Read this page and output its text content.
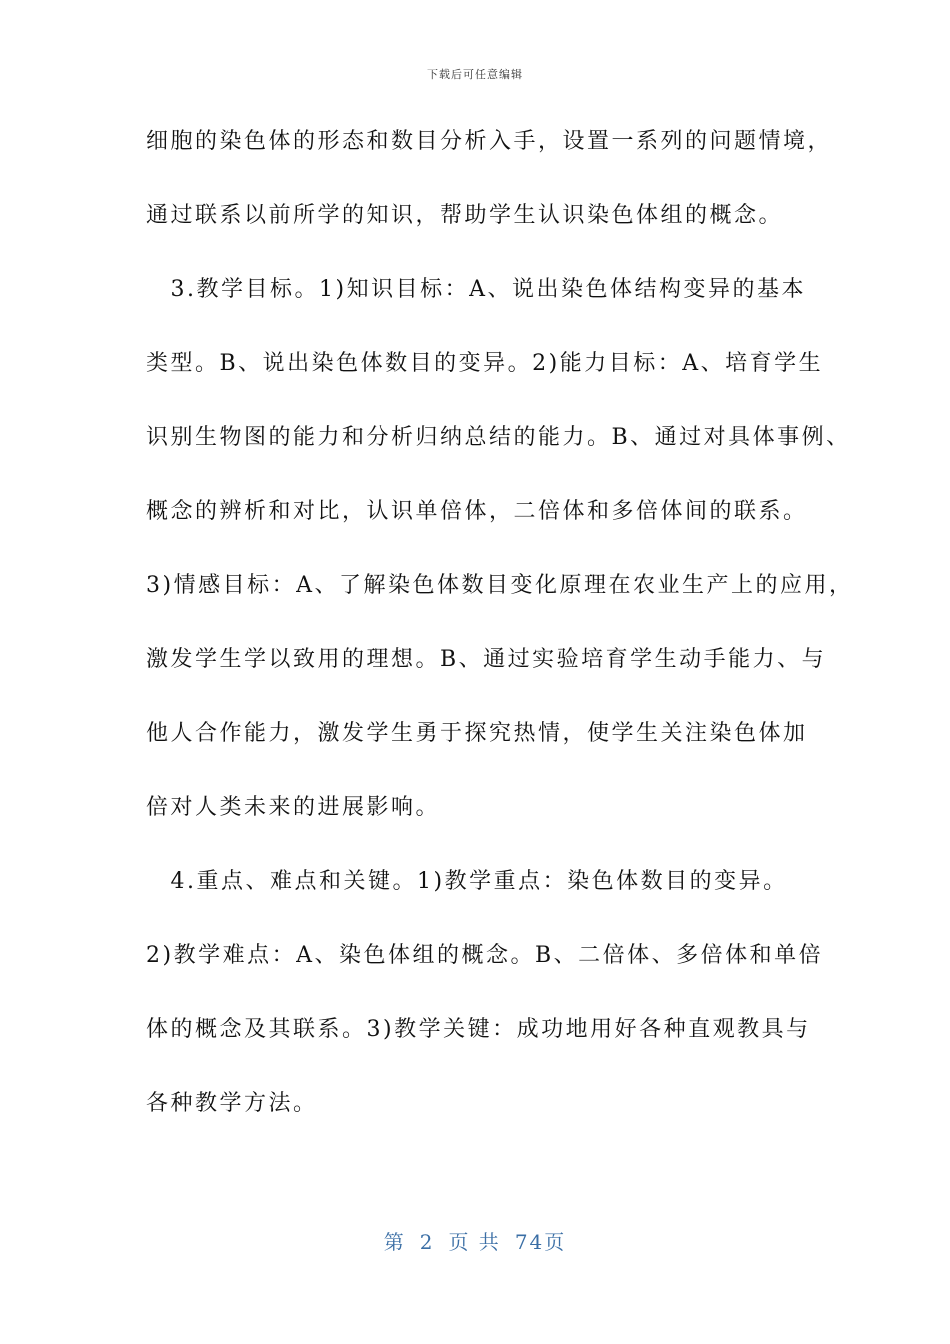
下载后可任意编辑
细胞的染色体的形态和数目分析入手，设置一系列的问题情境，
通过联系以前所学的知识，帮助学生认识染色体组的概念。
　3.教学目标。1)知识目标：A、说出染色体结构变异的基本
类型。B、说出染色体数目的变异。2)能力目标：A、培育学生
识别生物图的能力和分析归纳总结的能力。B、通过对具体事例、
概念的辨析和对比，认识单倍体，二倍体和多倍体间的联系。
3)情感目标：A、了解染色体数目变化原理在农业生产上的应用，
激发学生学以致用的理想。B、通过实验培育学生动手能力、与
他人合作能力，激发学生勇于探究热情，使学生关注染色体加
倍对人类未来的进展影响。
　4.重点、难点和关键。1)教学重点：染色体数目的变异。
2)教学难点：A、染色体组的概念。B、二倍体、多倍体和单倍
体的概念及其联系。3)教学关键：成功地用好各种直观教具与
各种教学方法。
第 2 页 共 74页
